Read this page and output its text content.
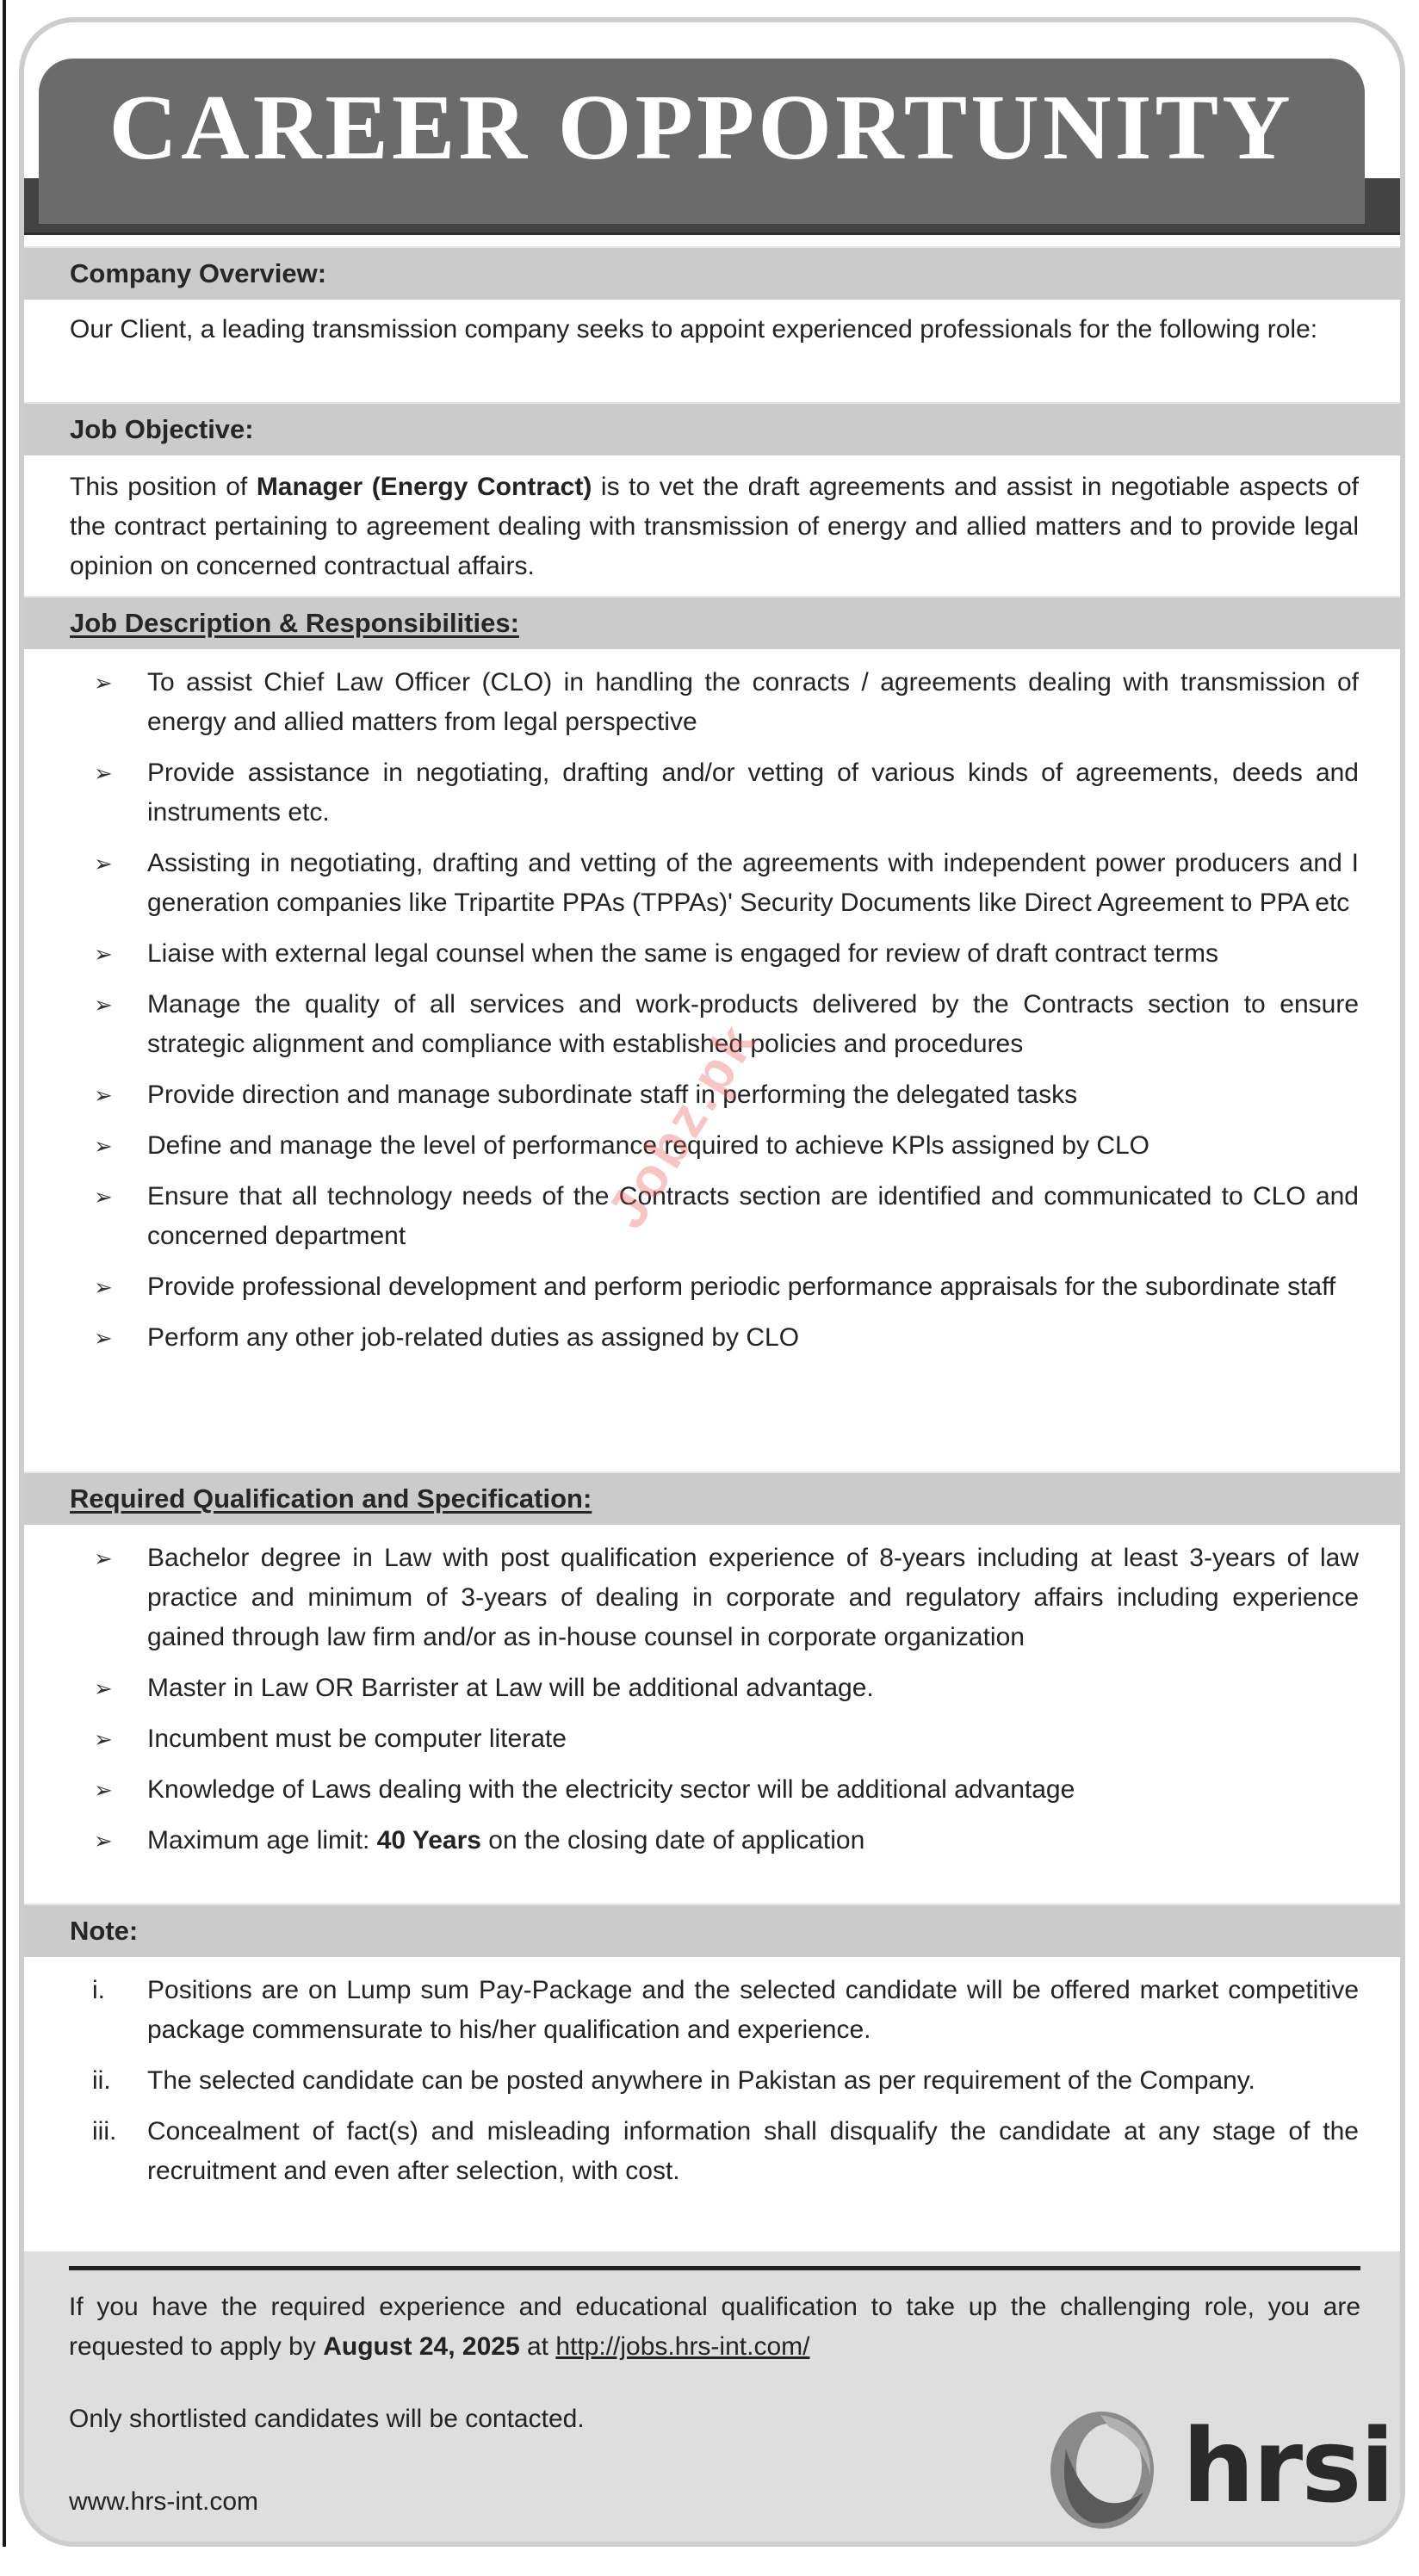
CAREER OPPORTUNITY
Company Overview:

Our Client, a leading transmission company seeks to appoint experienced professionals for the following role:

Job Objective:

This position of Manager (Energy Contract) is to vet the draft agreements and assist in negotiable aspects of the contract pertaining to agreement dealing with transmission of energy and allied matters and to provide legal opinion on concerned contractual affairs.

Job Description & Responsibilities:
➢ To assist Chief Law Officer (CLO) in handling the conracts / agreements dealing with transmission of energy and allied matters from legal perspective
➢ Provide assistance in negotiating, drafting and/or vetting of various kinds of agreements, deeds and instruments etc.
➢ Assisting in negotiating, drafting and vetting of the agreements with independent power producers and I generation companies like Tripartite PPAs (TPPAs)' Security Documents like Direct Agreement to PPA etc
➢ Liaise with external legal counsel when the same is engaged for review of draft contract terms
➢ Manage the quality of all services and work-products delivered by the Contracts section to ensure strategic alignment and compliance with established policies and procedures
➢ Provide direction and manage subordinate staff in performing the delegated tasks
➢ Define and manage the level of performance required to achieve KPls assigned by CLO
➢ Ensure that all technology needs of the Contracts section are identified and communicated to CLO and concerned department
➢ Provide professional development and perform periodic performance appraisals for the subordinate staff
➢ Perform any other job-related duties as assigned by CLO
Required Qualification and Specification:
➢ Bachelor degree in Law with post qualification experience of 8-years including at least 3-years of law practice and minimum of 3-years of dealing in corporate and regulatory affairs including experience gained through law firm and/or as in-house counsel in corporate organization
➢ Master in Law OR Barrister at Law will be additional advantage.
➢ Incumbent must be computer literate
➢ Knowledge of Laws dealing with the electricity sector will be additional advantage
➢ Maximum age limit: 40 Years on the closing date of application
Note:
i.	Positions are on Lump sum Pay-Package and the selected candidate will be offered market competitive package commensurate to his/her qualification and experience.
ii.	The selected candidate can be posted anywhere in Pakistan as per requirement of the Company.
iii.	Concealment of fact(s) and misleading information shall disqualify the candidate at any stage of the recruitment and even after selection, with cost.

If you have the required experience and educational qualification to take up the challenging role, you are requested to apply by August 24, 2025 at http://jobs.hrs-int.com/

Only shortlisted candidates will be contacted.

www.hrs-int.com	hrsi
Jobz.pk
